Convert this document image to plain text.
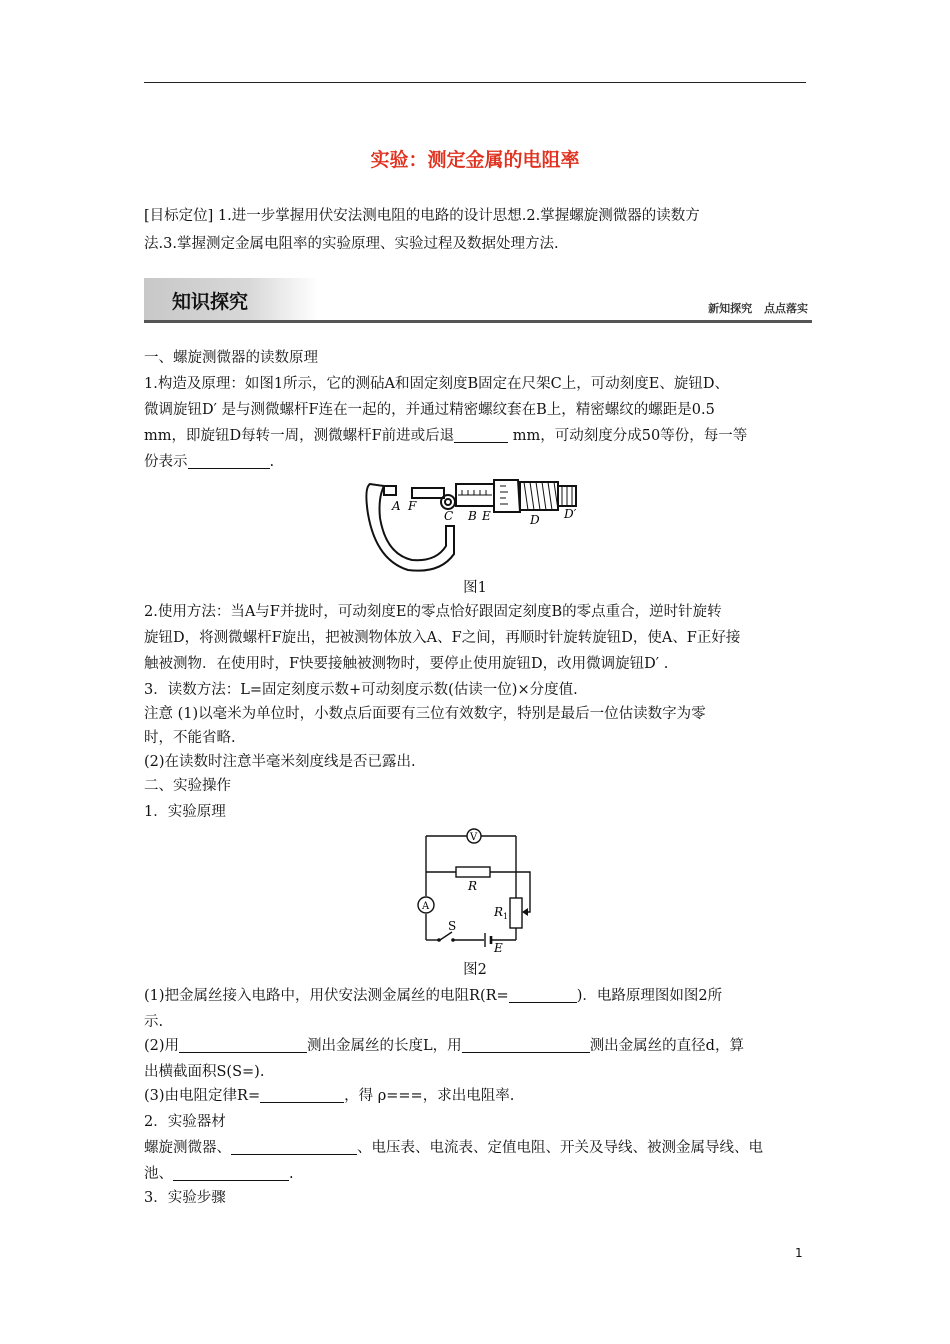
实验：测定金属的电阻率
[目标定位] 1.进一步掌握用伏安法测电阻的电路的设计思想.2.掌握螺旋测微器的读数方
法.3.掌握测定金属电阻率的实验原理、实验过程及数据处理方法.
知识探究	新知探究 点点落实
一、螺旋测微器的读数原理
1.构造及原理：如图1所示，它的测砧A和固定刻度B固定在尺架C上，可动刻度E、旋钮D、
微调旋钮D′ 是与测微螺杆F连在一起的，并通过精密螺纹套在B上，精密螺纹的螺距是0.5
mm，即旋钮D每转一周，测微螺杆F前进或后退	mm，可动刻度分成50等份，每一等
份表示	.
A F
C B E	D D′
图1
2.使用方法：当A与F并拢时，可动刻度E的零点恰好跟固定刻度B的零点重合，逆时针旋转
旋钮D，将测微螺杆F旋出，把被测物体放入A、F之间，再顺时针旋转旋钮D，使A、F正好接
触被测物．在使用时，F快要接触被测物时，要停止使用旋钮D，改用微调旋钮D′ .
3．读数方法：L=固定刻度示数+可动刻度示数(估读一位)×分度值.
注意 (1)以毫米为单位时，小数点后面要有三位有效数字，特别是最后一位估读数字为零
时，不能省略.
(2)在读数时注意半毫米刻度线是否已露出.
二、实验操作
1．实验原理
V
A
R
R 1
S
E
图2
(1)把金属丝接入电路中，用伏安法测金属丝的电阻R(R=	)．电路原理图如图2所
示.
(2)用	测出金属丝的长度L，用	测出金属丝的直径d，算
出横截面积S(S=).
(3)由电阻定律R=	，得 ρ===，求出电阻率.
2．实验器材
螺旋测微器、	、电压表、电流表、定值电阻、开关及导线、被测金属导线、电
池、	.
3．实验步骤
1
